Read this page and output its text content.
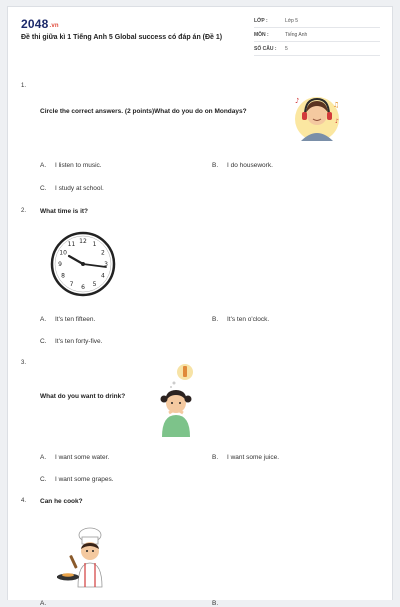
2048.vn
Đề thi giữa kì 1 Tiếng Anh 5 Global success có đáp án (Đề 1)
LỚP :	Lớp 5
MÔN :	Tiếng Anh
SỐ CÂU : 5
1.
Circle the correct answers. (2 points)What do you do on Mondays?
♪	♫
♪
A. I listen to music.	B. I do housework.
C. I study at school.
2. What time is it?
12 1
2
3
4
5
6
7
8
9
10
11
A. It's ten fifteen.	B. It's ten o'clock.
C. It's ten forty-five.
3.
What do you want to drink?
A. I want some water.	B. I want some juice.
C. I want some grapes.
4. Can he cook?
A.	B.
